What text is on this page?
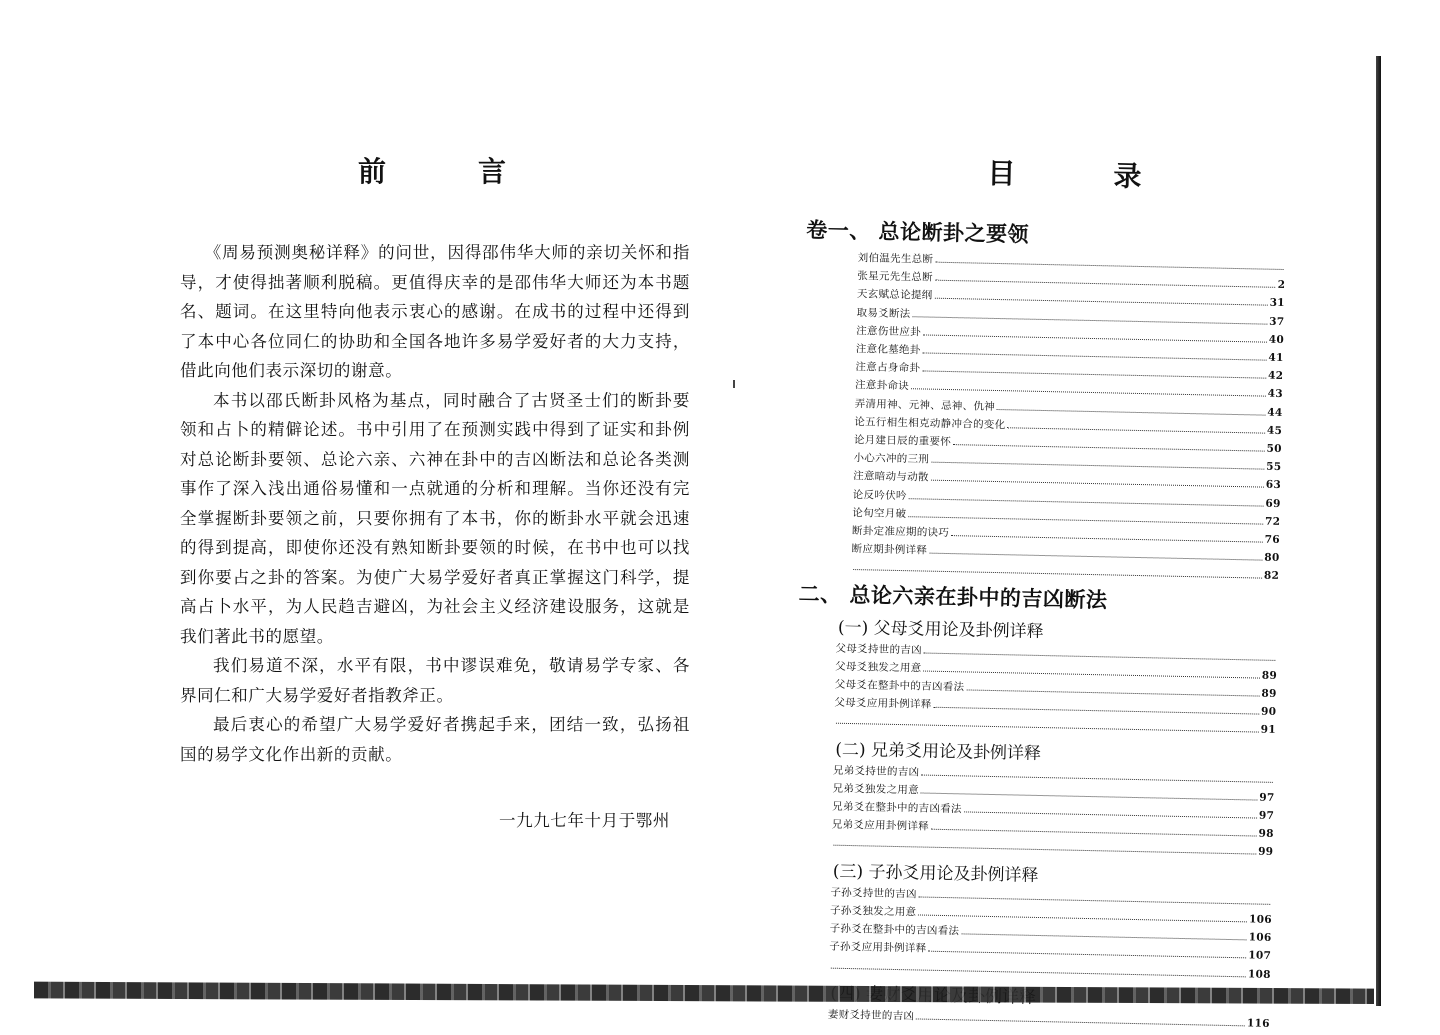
前言

《周易预测奥秘详释》的问世，因得邵伟华大师的亲切关怀和指导，才使得拙著顺利脱稿。更值得庆幸的是邵伟华大师还为本书题名、题词。在这里特向他表示衷心的感谢。在成书的过程中还得到了本中心各位同仁的协助和全国各地许多易学爱好者的大力支持，借此向他们表示深切的谢意。

本书以邵氏断卦风格为基点，同时融合了古贤圣士们的断卦要领和占卜的精僻论述。书中引用了在预测实践中得到了证实和卦例对总论断卦要领、总论六亲、六神在卦中的吉凶断法和总论各类测事作了深入浅出通俗易懂和一点就通的分析和理解。当你还没有完全掌握断卦要领之前，只要你拥有了本书，你的断卦水平就会迅速的得到提高，即使你还没有熟知断卦要领的时候，在书中也可以找到你要占之卦的答案。为使广大易学爱好者真正掌握这门科学，提高占卜水平，为人民趋吉避凶，为社会主义经济建设服务，这就是我们著此书的愿望。

我们易道不深，水平有限，书中谬误难免，敬请易学专家、各界同仁和广大易学爱好者指教斧正。

最后衷心的希望广大易学爱好者携起手来，团结一致，弘扬祖国的易学文化作出新的贡献。

一九九七年十月于鄂州
目录
卷一、 总论断卦之要领
刘伯温先生总断
张星元先生总断
2
天玄赋总论提纲
31
取易爻断法
37
注意伤世应卦
40
注意化墓绝卦
41
注意占身命卦
42
注意卦命诀
43
弄清用神、元神、忌神、仇神	44
论五行相生相克动静冲合的变化	45
论月建日辰的重要怀
50
小心六冲的三刑
55
注意暗动与动散
63
论反吟伏吟
69
论旬空月破
72
断卦定准应期的诀巧
76
断应期卦例详释
80
82
二、 总论六亲在卦中的吉凶断法
(一) 父母爻用论及卦例详释
父母爻持世的吉凶
父母爻独发之用意
89
父母爻在整卦中的吉凶看法
89
父母爻应用卦例详释
90
91
(二) 兄弟爻用论及卦例详释
兄弟爻持世的吉凶
兄弟爻独发之用意
97
兄弟爻在整卦中的吉凶看法
97
兄弟爻应用卦例详释
98
99
(三) 子孙爻用论及卦例详释
子孙爻持世的吉凶
子孙爻独发之用意
106
子孙爻在整卦中的吉凶看法
106
子孙爻应用卦例详释
107
108
妻财爻持世的吉凶
116
